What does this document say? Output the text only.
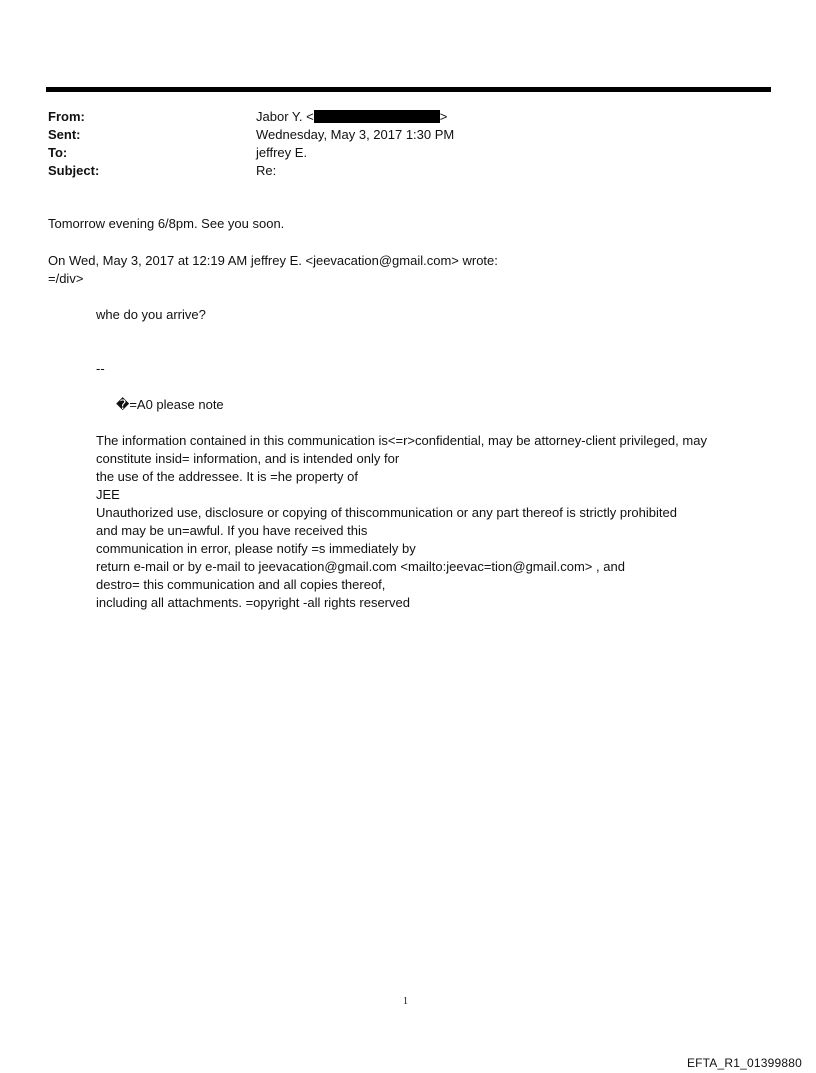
From:	Jabor Y. <	>
Sent:	Wednesday, May 3, 2017 1:30 PM
To:	jeffrey E.
Subject:	Re:
Tomorrow evening 6/8pm. See you soon.
On Wed, May 3, 2017 at 12:19 AM jeffrey E. <jeevacation@gmail.com> wrote:
=/div>
whe do you arrive?
--
�=A0 please note
The information contained in this communication is<=r>confidential, may be attorney-client privileged, may
constitute insid= information, and is intended only for
the use of the addressee. It is =he property of
JEE
Unauthorized use, disclosure or copying of thiscommunication or any part thereof is strictly prohibited
and may be un=awful. If you have received this
communication in error, please notify =s immediately by
return e-mail or by e-mail to jeevacation@gmail.com <mailto:jeevac=tion@gmail.com> , and
destro= this communication and all copies thereof,
including all attachments. =opyright -all rights reserved
1
EFTA_R1_01399880
